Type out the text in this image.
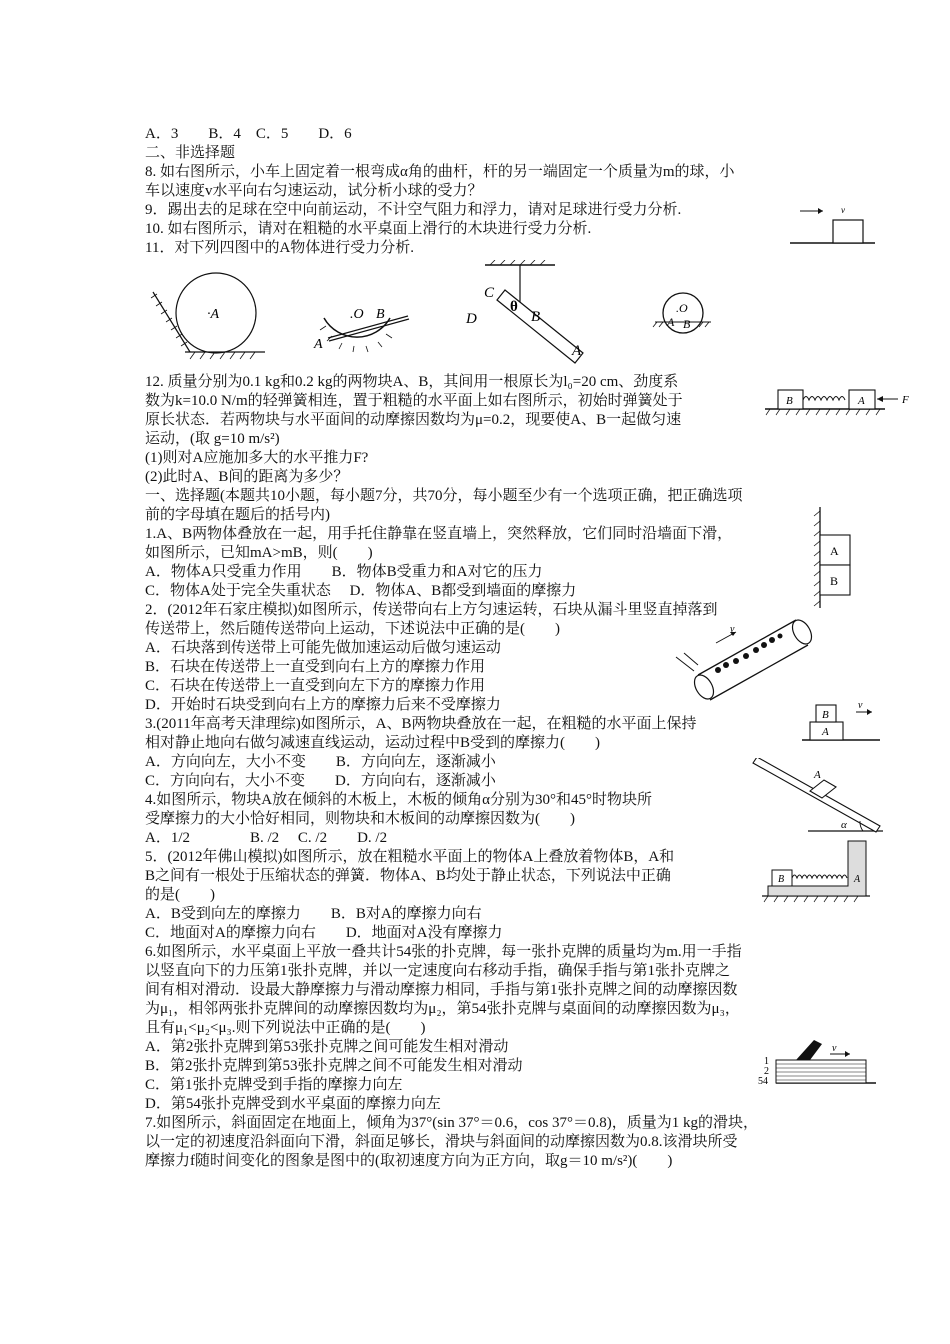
A．3　　B．4　C．5　　D．6
二、非选择题
8. 如右图所示，小车上固定着一根弯成α角的曲杆，杆的另一端固定一个质量为m的球，小
车以速度v水平向右匀速运动，试分析小球的受力？
9．踢出去的足球在空中向前运动，不计空气阻力和浮力，请对足球进行受力分析.
10. 如右图所示，请对在粗糙的水平桌面上滑行的木块进行受力分析.
11．对下列四图中的A物体进行受力分析.
12. 质量分别为0.1 kg和0.2 kg的两物块A、B，其间用一根原长为l₀=20 cm、劲度系
数为k=10.0 N/m的轻弹簧相连，置于粗糙的水平面上如右图所示，初始时弹簧处于
原长状态．若两物块与水平面间的动摩擦因数均为μ=0.2，现要使A、B一起做匀速
运动，(取 g=10 m/s²)
(1)则对A应施加多大的水平推力F?
(2)此时A、B间的距离为多少？
一、选择题(本题共10小题，每小题7分，共70分，每小题至少有一个选项正确，把正确选项
前的字母填在题后的括号内)
1.A、B两物体叠放在一起，用手托住静靠在竖直墙上，突然释放，它们同时沿墙面下滑，
如图所示，已知mA>mB，则(　　)
A．物体A只受重力作用　　B．物体B受重力和A对它的压力
C．物体A处于完全失重状态　 D．物体A、B都受到墙面的摩擦力
2．(2012年石家庄模拟)如图所示，传送带向右上方匀速运转，石块从漏斗里竖直掉落到
传送带上，然后随传送带向上运动，下述说法中正确的是(　　)
A．石块落到传送带上可能先做加速运动后做匀速运动
B．石块在传送带上一直受到向右上方的摩擦力作用
C．石块在传送带上一直受到向左下方的摩擦力作用
D．开始时石块受到向右上方的摩擦力后来不受摩擦力
3.(2011年高考天津理综)如图所示，A、B两物块叠放在一起，在粗糙的水平面上保持
相对静止地向右做匀减速直线运动，运动过程中B受到的摩擦力(　　)
A．方向向左，大小不变　　B．方向向左，逐渐减小
C．方向向右，大小不变　　D．方向向右，逐渐减小
4.如图所示，物块A放在倾斜的木板上，木板的倾角α分别为30°和45°时物块所
受摩擦力的大小恰好相同，则物块和木板间的动摩擦因数为(　　)
A．1/2　　　　B. /2　 C. /2　　D. /2
5．(2012年佛山模拟)如图所示，放在粗糙水平面上的物体A上叠放着物体B，A和
B之间有一根处于压缩状态的弹簧．物体A、B均处于静止状态，下列说法中正确
的是(　　)
A．B受到向左的摩擦力　　B．B对A的摩擦力向右
C．地面对A的摩擦力向右　　D．地面对A没有摩擦力
6.如图所示，水平桌面上平放一叠共计54张的扑克牌，每一张扑克牌的质量均为m.用一手指
以竖直向下的力压第1张扑克牌，并以一定速度向右移动手指，确保手指与第1张扑克牌之
间有相对滑动．设最大静摩擦力与滑动摩擦力相同，手指与第1张扑克牌之间的动摩擦因数
为μ₁，相邻两张扑克牌间的动摩擦因数均为μ₂，第54张扑克牌与桌面间的动摩擦因数为μ₃，
且有μ₁<μ₂<μ₃.则下列说法中正确的是(　　)
A．第2张扑克牌到第53张扑克牌之间可能发生相对滑动
B．第2张扑克牌到第53张扑克牌之间不可能发生相对滑动
C．第1张扑克牌受到手指的摩擦力向左
D．第54张扑克牌受到水平桌面的摩擦力向左
7.如图所示，斜面固定在地面上，倾角为37°(sin 37°＝0.6，cos 37°＝0.8)，质量为1 kg的滑块，
以一定的初速度沿斜面向下滑，斜面足够长，滑块与斜面间的动摩擦因数为0.8.该滑块所受
摩擦力f随时间变化的图象是图中的(取初速度方向为正方向，取g＝10 m/s²)(　　)
v
·A	.O B
A
C
θ
B
D
A
.O
A B
B	A	F
A
B
v
B
A
v
A
α
B	A
1
2
54
v
